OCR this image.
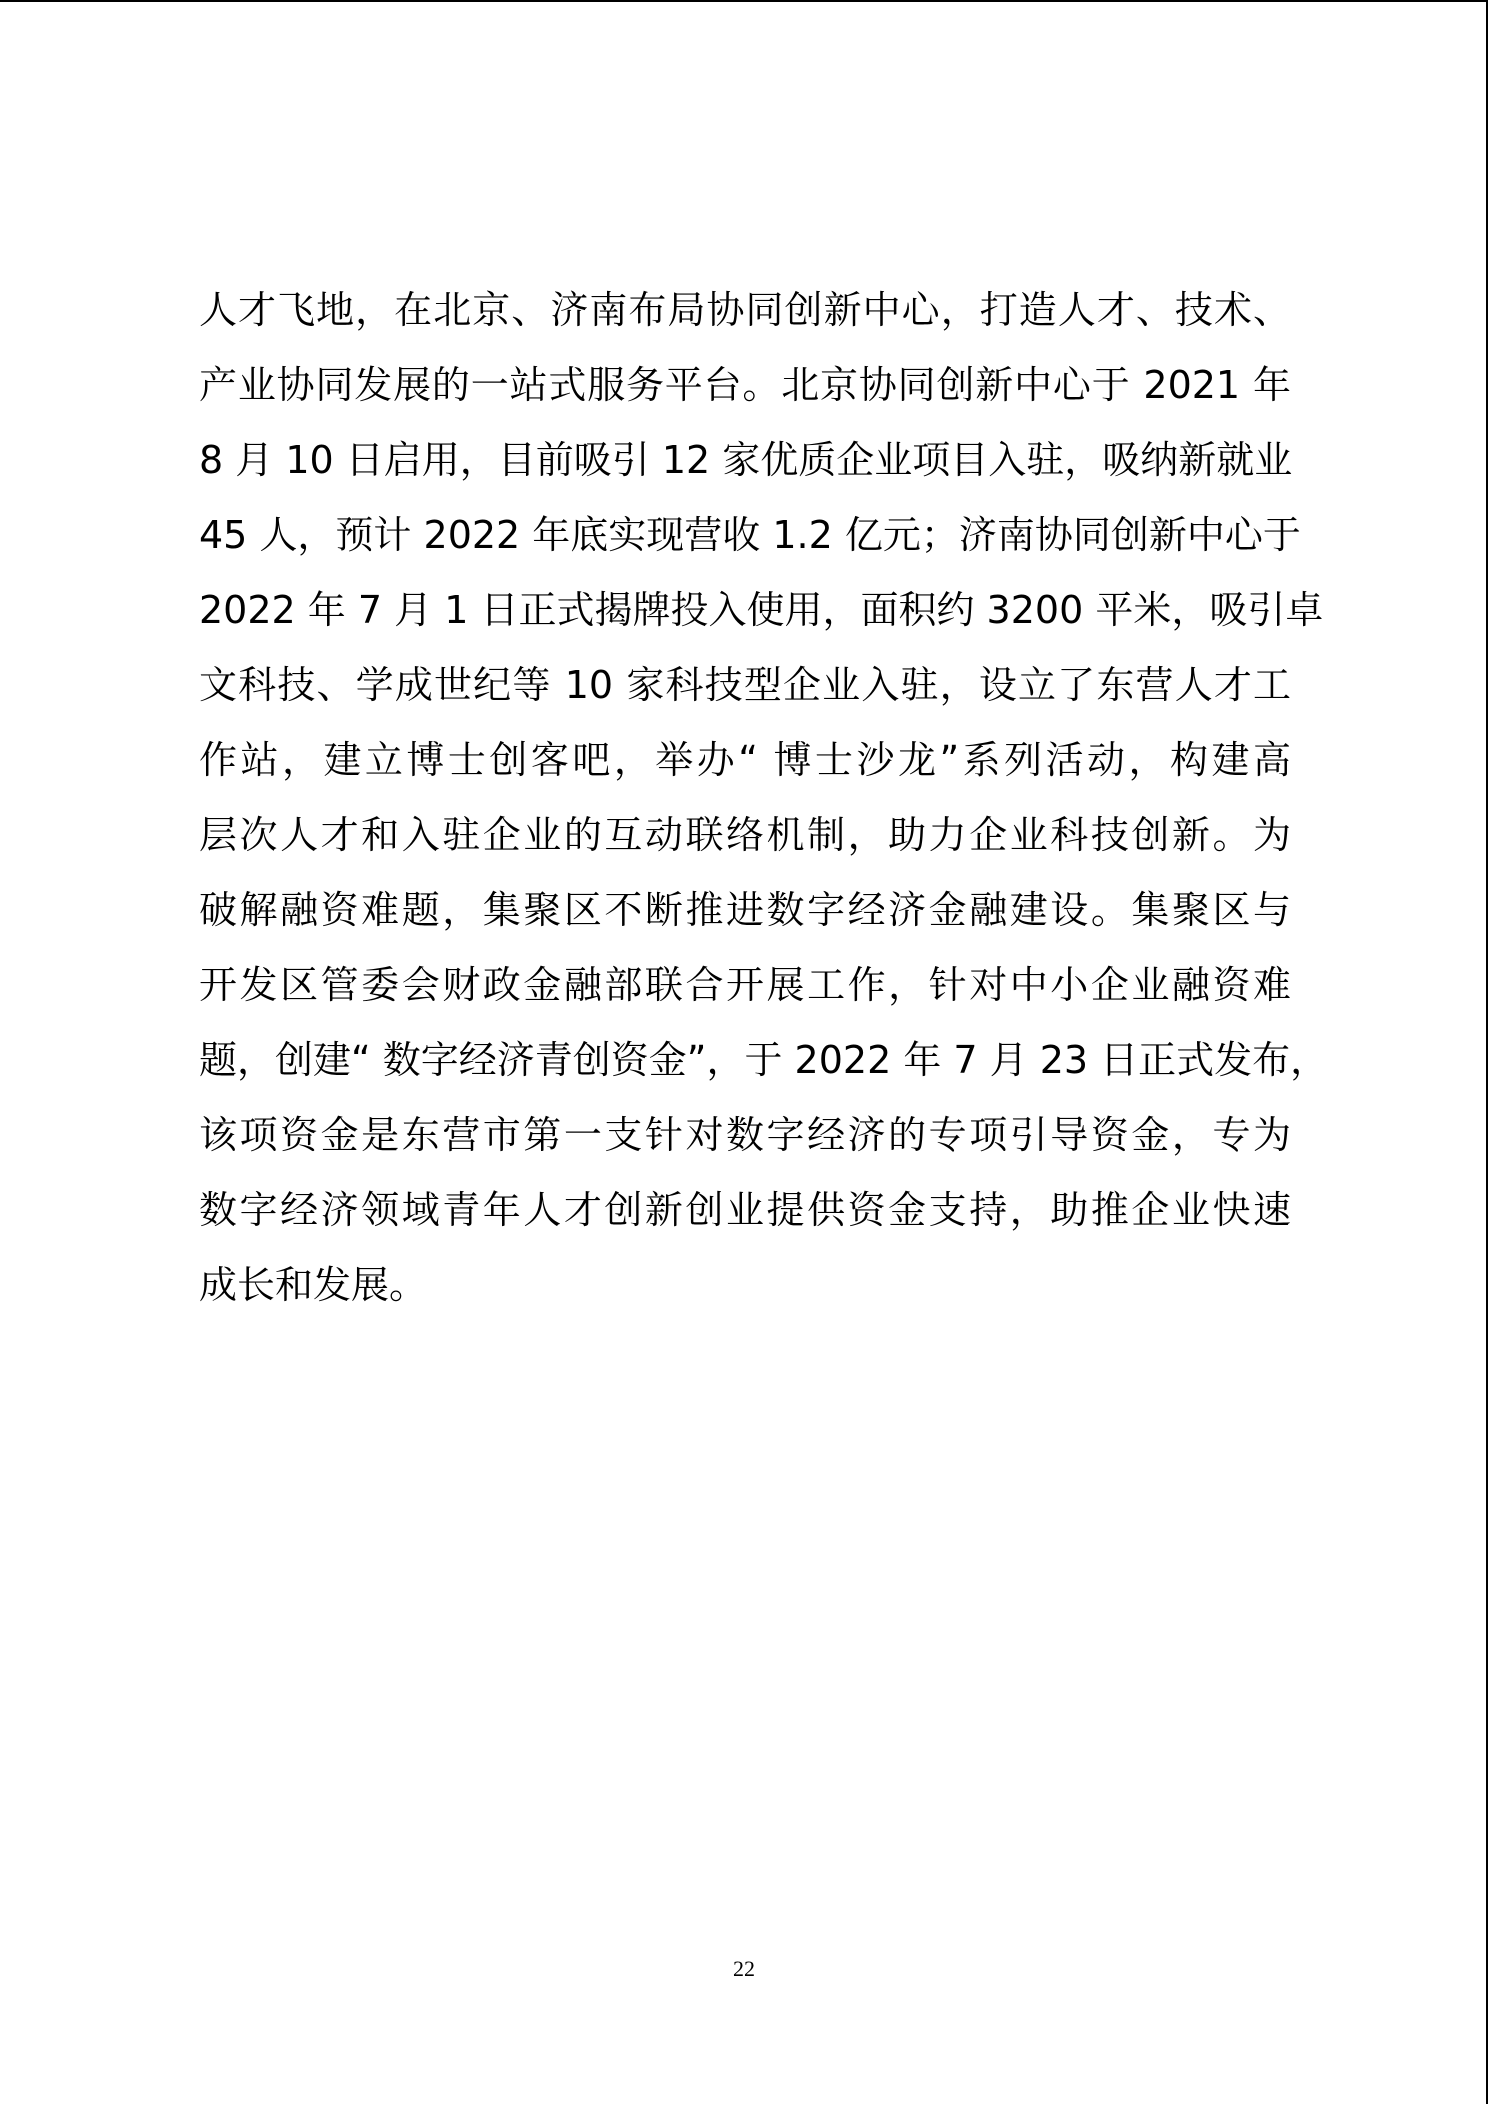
人才飞地，在北京、济南布局协同创新中心，打造人才、技术、
产业协同发展的一站式服务平台。北京协同创新中心于 2021 年
8 月 10 日启用，目前吸引 12 家优质企业项目入驻，吸纳新就业
45 人，预计 2022 年底实现营收 1.2 亿元；济南协同创新中心于
2022 年 7 月 1 日正式揭牌投入使用，面积约 3200 平米，吸引卓
文科技、学成世纪等 10 家科技型企业入驻，设立了东营人才工
作站，建立博士创客吧，举办“ 博士沙龙”系列活动，构建高
层次人才和入驻企业的互动联络机制，助力企业科技创新。为
破解融资难题，集聚区不断推进数字经济金融建设。集聚区与
开发区管委会财政金融部联合开展工作，针对中小企业融资难
题，创建“ 数字经济青创资金”，于 2022 年 7 月 23 日正式发布，
该项资金是东营市第一支针对数字经济的专项引导资金，专为
数字经济领域青年人才创新创业提供资金支持，助推企业快速
成长和发展。
22
